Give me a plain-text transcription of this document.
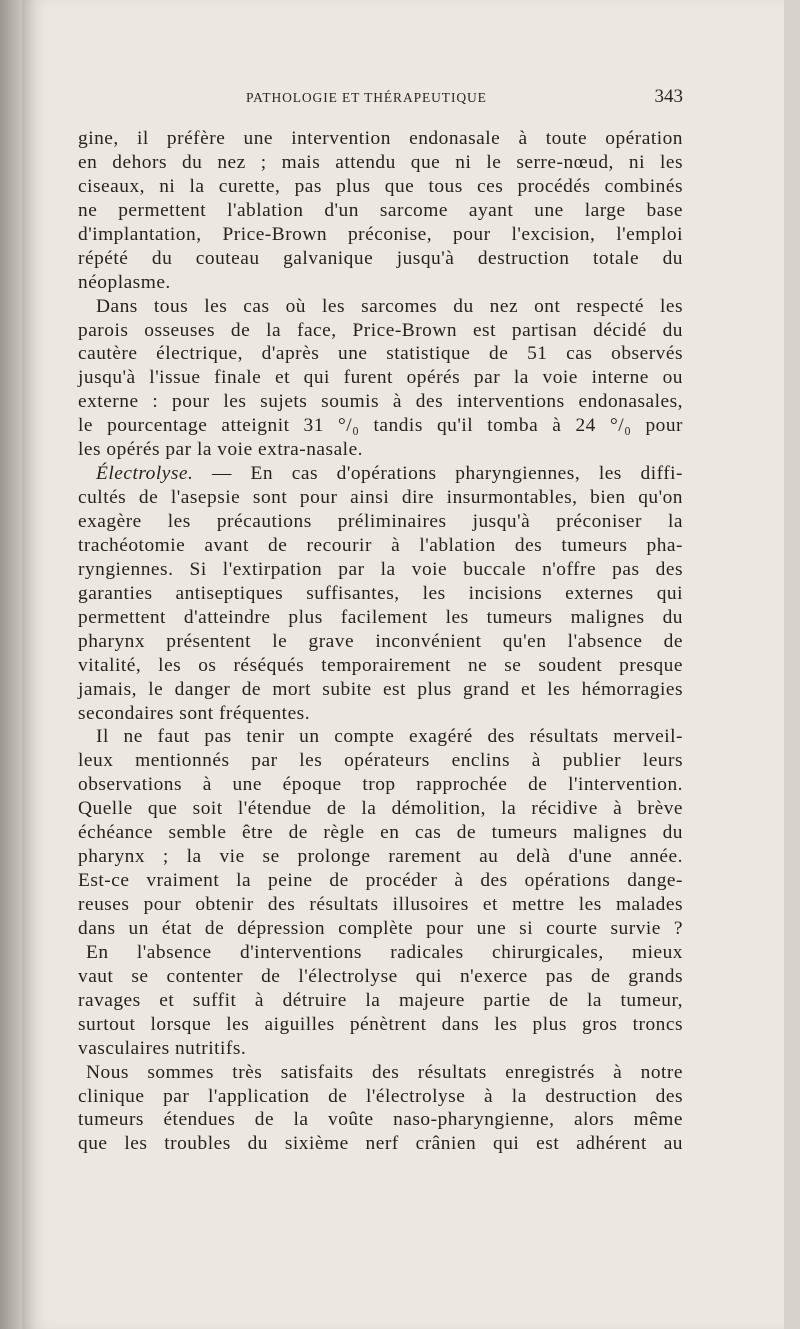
PATHOLOGIE ET THÉRAPEUTIQUE	343
gine, il préfère une intervention endonasale à toute opération
en dehors du nez ; mais attendu que ni le serre-nœud, ni les
ciseaux, ni la curette, pas plus que tous ces procédés combinés
ne permettent l'ablation d'un sarcome ayant une large base
d'implantation, Price-Brown préconise, pour l'excision, l'emploi
répété du couteau galvanique jusqu'à destruction totale du
néoplasme.
Dans tous les cas où les sarcomes du nez ont respecté les
parois osseuses de la face, Price-Brown est partisan décidé du
cautère électrique, d'après une statistique de 51 cas observés
jusqu'à l'issue finale et qui furent opérés par la voie interne ou
externe : pour les sujets soumis à des interventions endonasales,
le pourcentage atteignit 31 °/₀ tandis qu'il tomba à 24 °/₀ pour
les opérés par la voie extra-nasale.
Électrolyse. — En cas d'opérations pharyngiennes, les diffi-
cultés de l'asepsie sont pour ainsi dire insurmontables, bien qu'on
exagère les précautions préliminaires jusqu'à préconiser la
trachéotomie avant de recourir à l'ablation des tumeurs pha-
ryngiennes. Si l'extirpation par la voie buccale n'offre pas des
garanties antiseptiques suffisantes, les incisions externes qui
permettent d'atteindre plus facilement les tumeurs malignes du
pharynx présentent le grave inconvénient qu'en l'absence de
vitalité, les os réséqués temporairement ne se soudent presque
jamais, le danger de mort subite est plus grand et les hémorragies
secondaires sont fréquentes.
Il ne faut pas tenir un compte exagéré des résultats merveil-
leux mentionnés par les opérateurs enclins à publier leurs
observations à une époque trop rapprochée de l'intervention.
Quelle que soit l'étendue de la démolition, la récidive à brève
échéance semble être de règle en cas de tumeurs malignes du
pharynx ; la vie se prolonge rarement au delà d'une année.
Est-ce vraiment la peine de procéder à des opérations dange-
reuses pour obtenir des résultats illusoires et mettre les malades
dans un état de dépression complète pour une si courte survie ?
En l'absence d'interventions radicales chirurgicales, mieux
vaut se contenter de l'électrolyse qui n'exerce pas de grands
ravages et suffit à détruire la majeure partie de la tumeur,
surtout lorsque les aiguilles pénètrent dans les plus gros troncs
vasculaires nutritifs.
Nous sommes très satisfaits des résultats enregistrés à notre
clinique par l'application de l'électrolyse à la destruction des
tumeurs étendues de la voûte naso-pharyngienne, alors même
que les troubles du sixième nerf crânien qui est adhérent au
